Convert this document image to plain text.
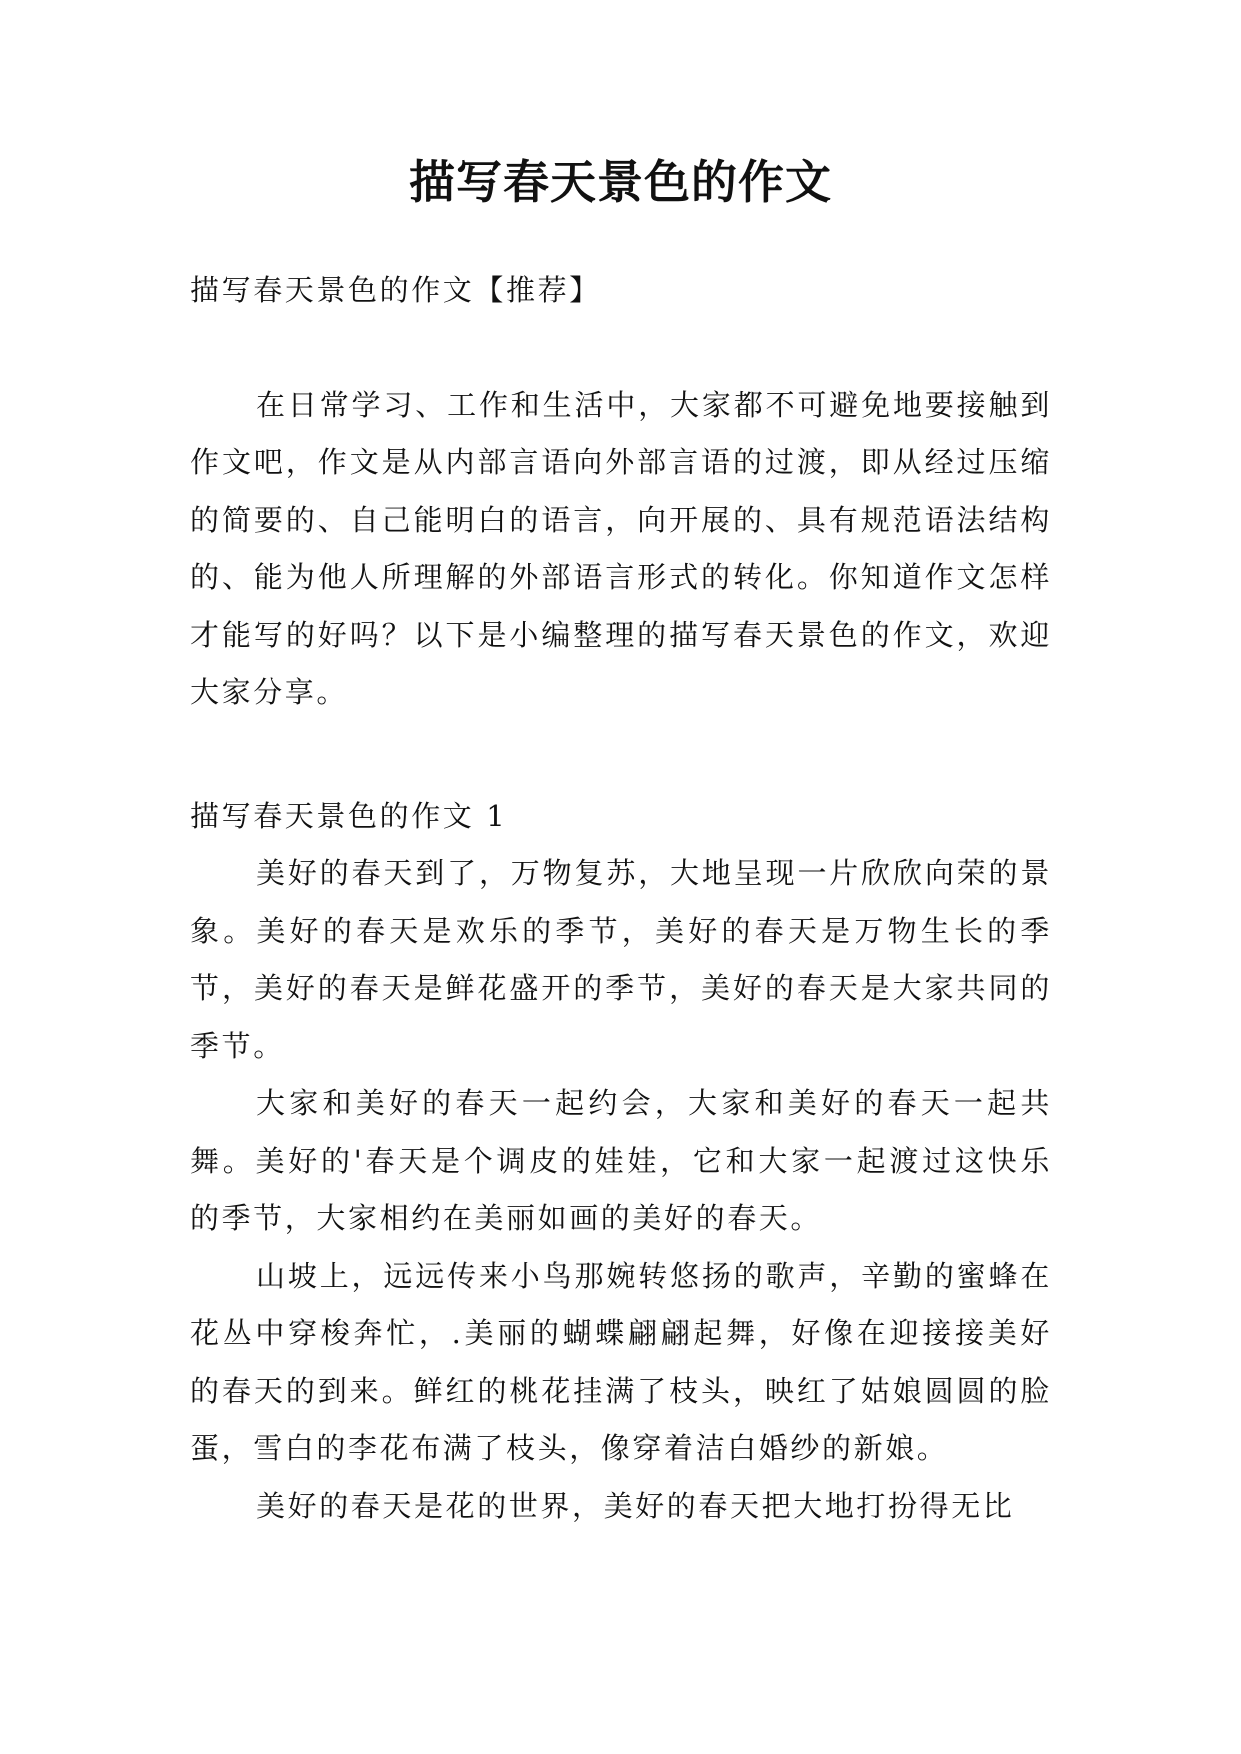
描写春天景色的作文

描写春天景色的作文【推荐】

在日常学习、工作和生活中，大家都不可避免地要接触到作文吧，作文是从内部言语向外部言语的过渡，即从经过压缩的简要的、自己能明白的语言，向开展的、具有规范语法结构的、能为他人所理解的外部语言形式的转化。你知道作文怎样才能写的好吗？以下是小编整理的描写春天景色的作文，欢迎大家分享。

描写春天景色的作文 1

美好的春天到了，万物复苏，大地呈现一片欣欣向荣的景象。美好的春天是欢乐的季节，美好的春天是万物生长的季节，美好的春天是鲜花盛开的季节，美好的春天是大家共同的季节。

大家和美好的春天一起约会，大家和美好的春天一起共舞。美好的'春天是个调皮的娃娃，它和大家一起渡过这快乐的季节，大家相约在美丽如画的美好的春天。

山坡上，远远传来小鸟那婉转悠扬的歌声，辛勤的蜜蜂在花丛中穿梭奔忙，.美丽的蝴蝶翩翩起舞，好像在迎接接美好的春天的到来。鲜红的桃花挂满了枝头，映红了姑娘圆圆的脸蛋，雪白的李花布满了枝头，像穿着洁白婚纱的新娘。

美好的春天是花的世界，美好的春天把大地打扮得无比
